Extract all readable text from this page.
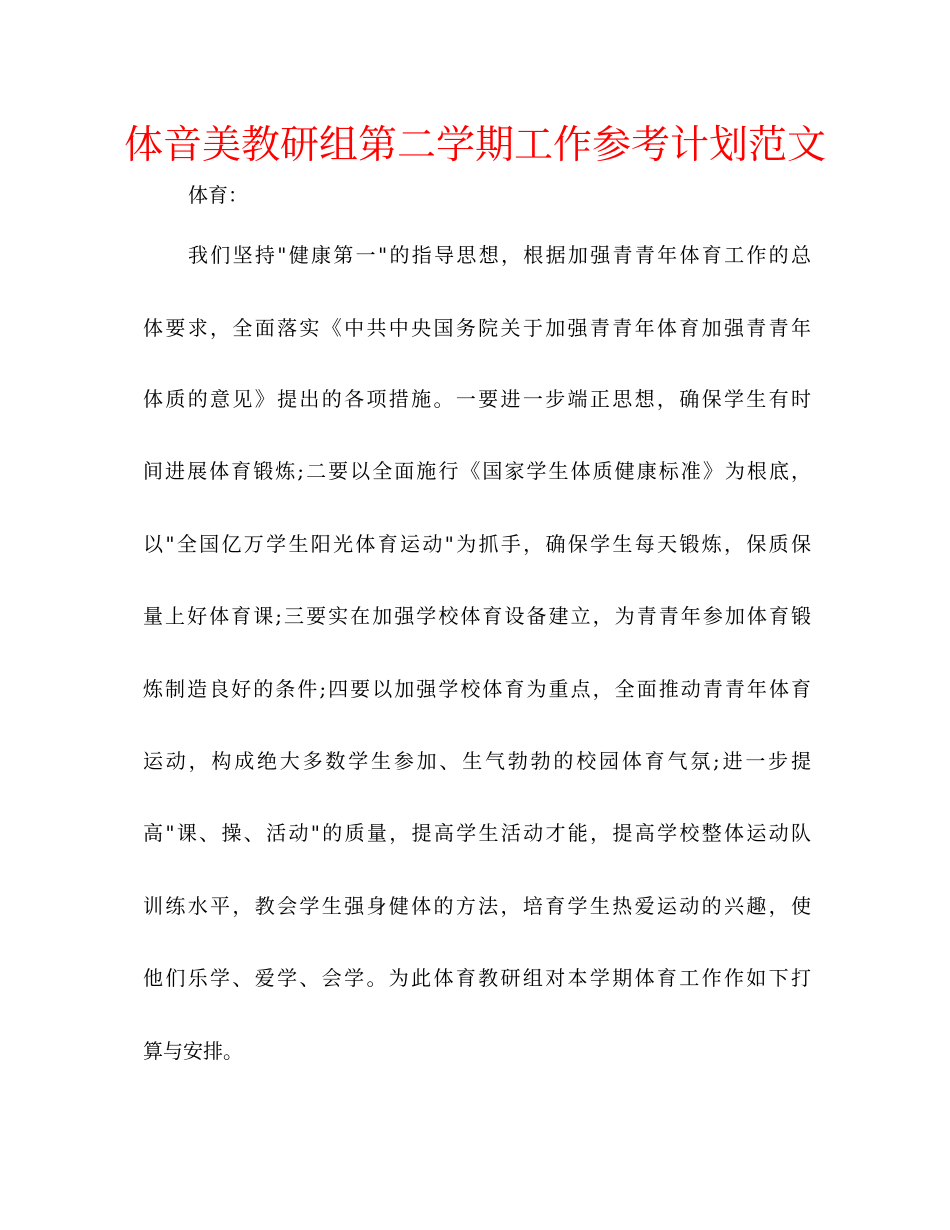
体音美教研组第二学期工作参考计划范文
体育：
我们坚持"健康第一"的指导思想，根据加强青青年体育工作的总
体要求，全面落实《中共中央国务院关于加强青青年体育加强青青年
体质的意见》提出的各项措施。一要进一步端正思想，确保学生有时
间进展体育锻炼;二要以全面施行《国家学生体质健康标准》为根底，
以"全国亿万学生阳光体育运动"为抓手，确保学生每天锻炼，保质保
量上好体育课;三要实在加强学校体育设备建立，为青青年参加体育锻
炼制造良好的条件;四要以加强学校体育为重点，全面推动青青年体育
运动，构成绝大多数学生参加、生气勃勃的校园体育气氛;进一步提
高"课、操、活动"的质量，提高学生活动才能，提高学校整体运动队
训练水平，教会学生强身健体的方法，培育学生热爱运动的兴趣，使
他们乐学、爱学、会学。为此体育教研组对本学期体育工作作如下打
算与安排。
